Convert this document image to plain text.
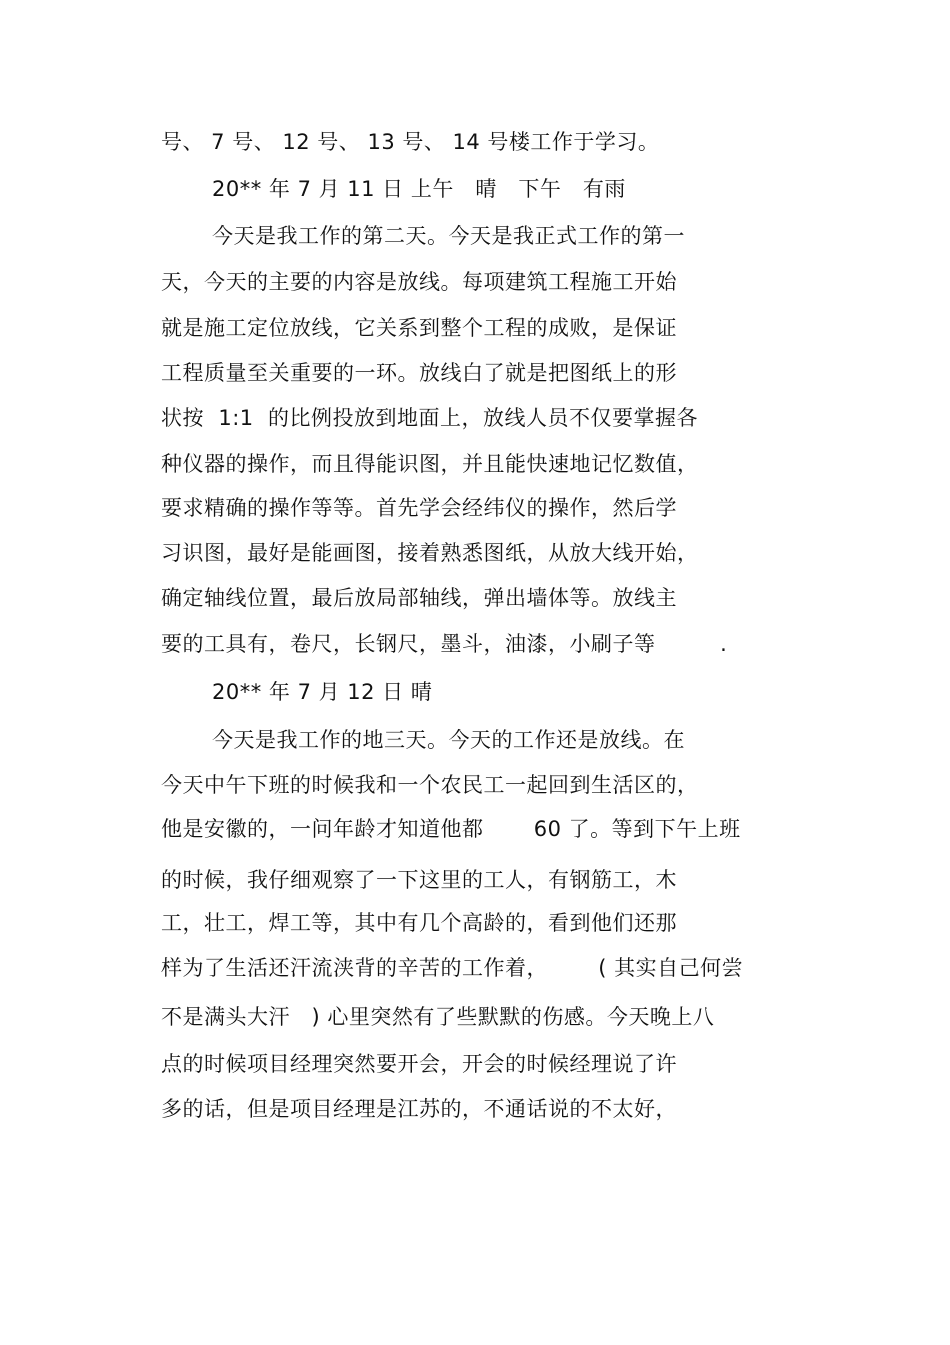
号、 7 号、 12 号、 13 号、 14 号楼工作于学习。
20** 年 7 月 11 日 上午   晴   下午   有雨
今天是我工作的第二天。今天是我正式工作的第一
天，今天的主要的内容是放线。每项建筑工程施工开始
就是施工定位放线，它关系到整个工程的成败，是保证
工程质量至关重要的一环。放线白了就是把图纸上的形
状按  1:1  的比例投放到地面上，放线人员不仅要掌握各
种仪器的操作，而且得能识图，并且能快速地记忆数值，
要求精确的操作等等。首先学会经纬仪的操作，然后学
习识图，最好是能画图，接着熟悉图纸，从放大线开始，
确定轴线位置，最后放局部轴线，弹出墙体等。放线主
要的工具有，卷尺，长钢尺，墨斗，油漆，小刷子等         .
20** 年 7 月 12 日 晴
今天是我工作的地三天。今天的工作还是放线。在
今天中午下班的时候我和一个农民工一起回到生活区的，
他是安徽的，一问年龄才知道他都       60 了。等到下午上班
的时候，我仔细观察了一下这里的工人，有钢筋工，木
工，壮工，焊工等，其中有几个高龄的，看到他们还那
样为了生活还汗流浃背的辛苦的工作着，       ( 其实自己何尝
不是满头大汗   ) 心里突然有了些默默的伤感。今天晚上八
点的时候项目经理突然要开会，开会的时候经理说了许
多的话，但是项目经理是江苏的，不通话说的不太好，
